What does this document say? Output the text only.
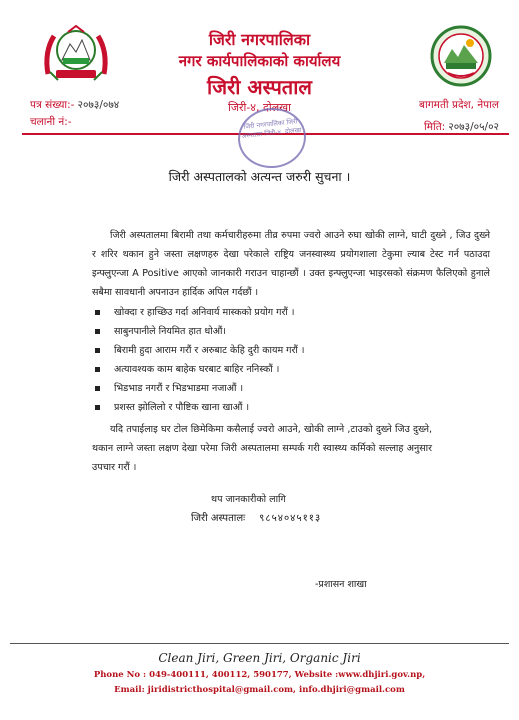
जिरी नगरपालिका
नगर कार्यपालिकाको कार्यालय
जिरी अस्पताल
जिरी-४, दोलखा
पत्र संख्या:- २०७३/०७४
चलानी नं:-
बागमती प्रदेश, नेपाल
मिति: २०७३/०५/०२
जिरी नगरपालिका जिरी अस्पताल जिरी-४, दोलखा
जिरी अस्पतालको अत्यन्त जरुरी सुचना ।

जिरी अस्पतालमा बिरामी तथा कर्मचारीहरुमा तीव्र रुपमा ज्वरो आउने रुघा खोकी लाग्ने, घाटी दुख्ने , जिउ दुख्ने र शरिर थकान हुने जस्ता लक्षणहरु देखा परेकाले राष्ट्रिय जनस्वास्थ्य प्रयोगशाला टेकुमा ल्याब टेस्ट गर्न पठाउदा इन्फ्लुएन्जा A Positive आएको जानकारी गराउन चाहान्छौं । उक्त इन्फ्लुएन्जा भाइरसको संक्रमण फैलिएको हुनाले सबैमा सावधानी अपनाउन हार्दिक अपिल गर्दछौं ।

खोक्दा र हाच्छिउ गर्दा अनिवार्य मास्कको प्रयोग गरौं ।
साबुनपानीले नियमित हात धोऔं।
बिरामी हुदा आराम गरौं र अरुबाट केहि दुरी कायम गरौं ।
अत्यावश्यक काम बाहेक घरबाट बाहिर ननिस्कौं ।
भिडभाड नगरौं र भिडभाडमा नजाऔं ।
प्रशस्त झोलिलो र पौष्टिक खाना खाऔं ।

यदि तपाईलाइ घर टोल छिमेकिमा कसैलाई ज्वरो आउने, खोकी लाग्ने ,टाउको दुख्ने जिउ दुख्ने, थकान लाग्ने जस्ता लक्षण देखा परेमा जिरी अस्पतालमा सम्पर्क गरी स्वास्थ्य कर्मिको सल्लाह अनुसार उपचार गरौं ।

थप जानकारीको लागि
जिरी अस्पतालः ९८५४०४५११३
-प्रशासन शाखा
Clean Jiri, Green Jiri, Organic Jiri
Phone No : 049-400111, 400112, 590177, Website :www.dhjiri.gov.np,
Email: jiridistricthospital@gmail.com, info.dhjiri@gmail.com
